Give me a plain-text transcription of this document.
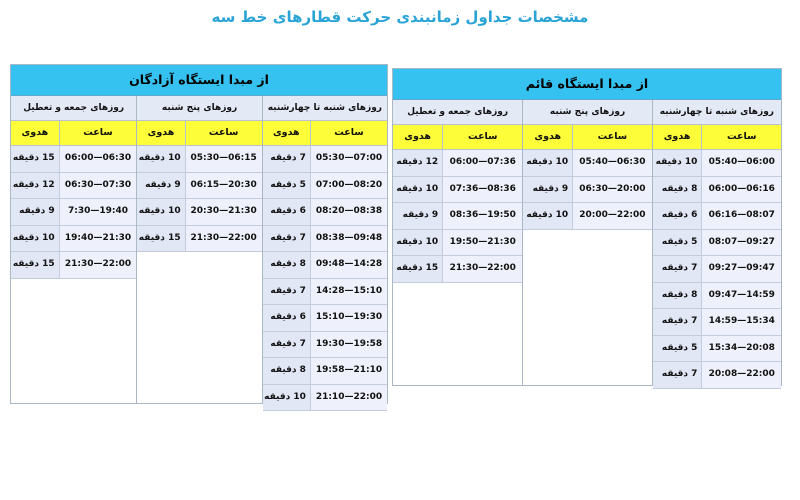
مشخصات جداول زمانبندی حرکت قطارهای خط سه
از مبدا ایستگاه آزادگان
روزهای شنبه تا چهارشنبه
ساعت
هدوی
05:30—07:00
7 دقیقه
07:00—08:20
5 دقیقه
08:20—08:38
6 دقیقه
08:38—09:48
7 دقیقه
09:48—14:28
8 دقیقه
14:28—15:10
7 دقیقه
15:10—19:30
6 دقیقه
19:30—19:58
7 دقیقه
19:58—21:10
8 دقیقه
21:10—22:00
10 دقیقه
روزهای پنج شنبه
ساعت
هدوی
05:30—06:15
10 دقیقه
06:15—20:30
9 دقیقه
20:30—21:30
10 دقیقه
21:30—22:00
15 دقیقه
روزهای جمعه و تعطیل
ساعت
هدوی
06:00—06:30
15 دقیقه
06:30—07:30
12 دقیقه
7:30—19:40
9 دقیقه
19:40—21:30
10 دقیقه
21:30—22:00
15 دقیقه
از مبدا ایستگاه قائم
روزهای شنبه تا چهارشنبه
ساعت
هدوی
05:40—06:00
10 دقیقه
06:00—06:16
8 دقیقه
06:16—08:07
6 دقیقه
08:07—09:27
5 دقیقه
09:27—09:47
7 دقیقه
09:47—14:59
8 دقیقه
14:59—15:34
7 دقیقه
15:34—20:08
5 دقیقه
20:08—22:00
7 دقیقه
روزهای پنج شنبه
ساعت
هدوی
05:40—06:30
10 دقیقه
06:30—20:00
9 دقیقه
20:00—22:00
10 دقیقه
روزهای جمعه و تعطیل
ساعت
هدوی
06:00—07:36
12 دقیقه
07:36—08:36
10 دقیقه
08:36—19:50
9 دقیقه
19:50—21:30
10 دقیقه
21:30—22:00
15 دقیقه
